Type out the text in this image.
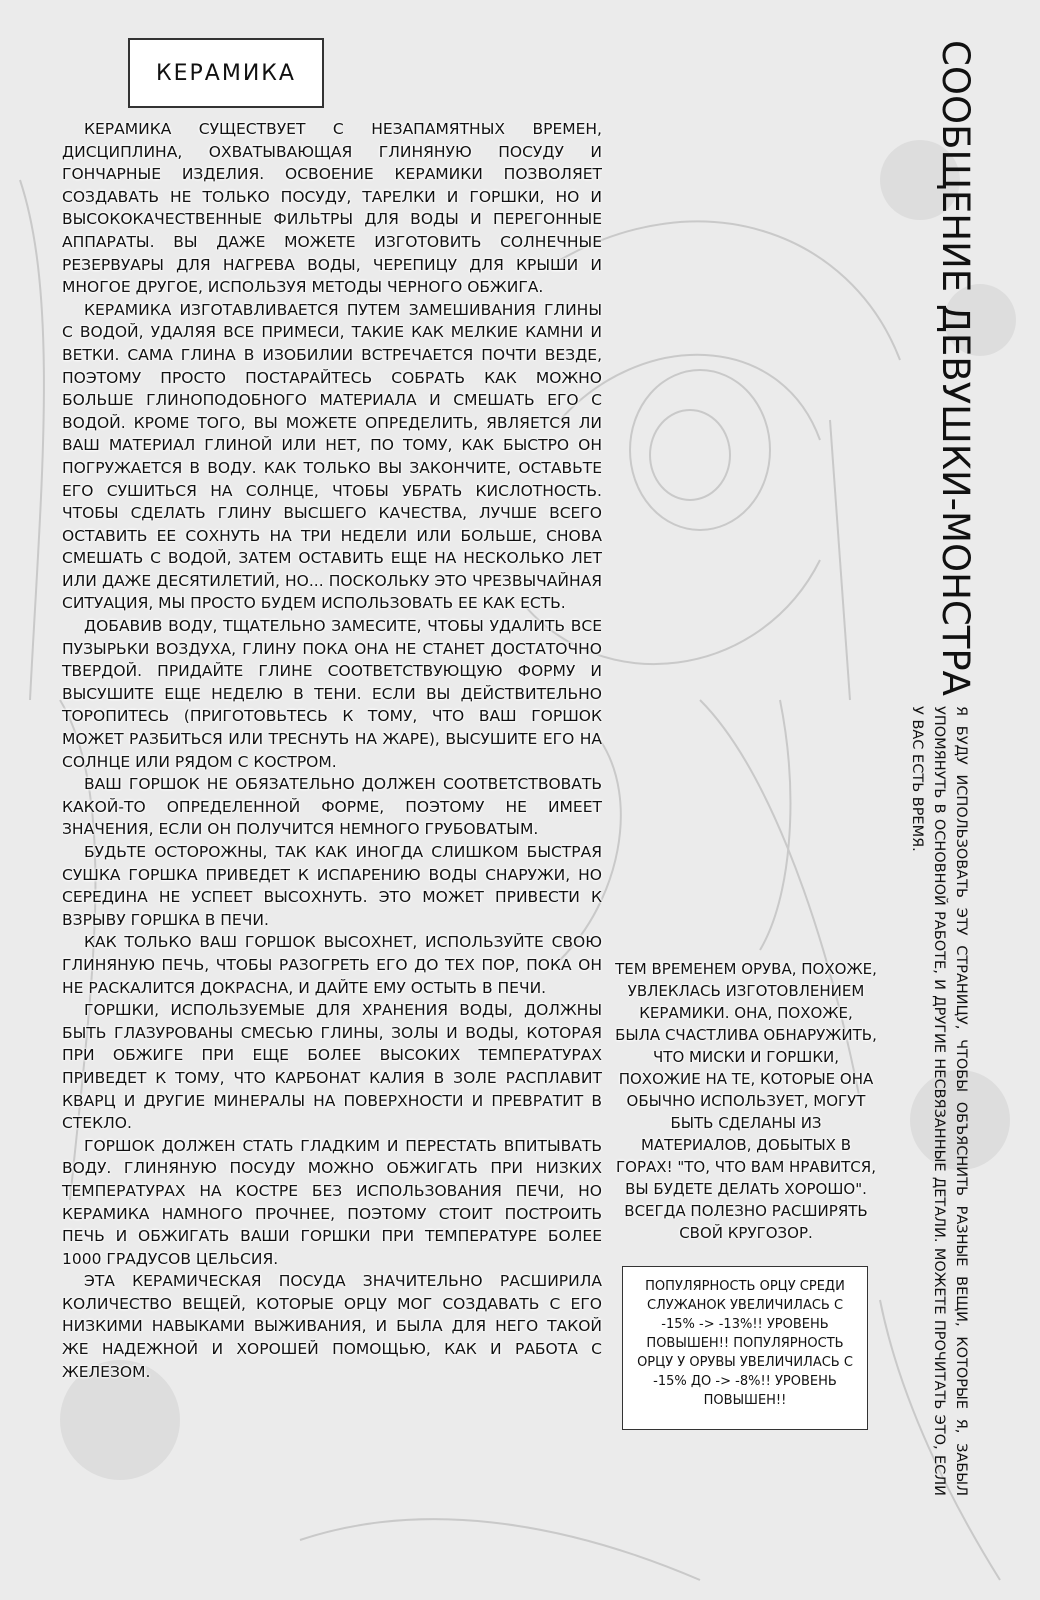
КЕРАМИКА

КЕРАМИКА СУЩЕСТВУЕТ С НЕЗАПАМЯТНЫХ ВРЕМЕН, ДИСЦИПЛИНА, ОХВАТЫВАЮЩАЯ ГЛИНЯНУЮ ПОСУДУ И ГОНЧАРНЫЕ ИЗДЕЛИЯ. ОСВОЕНИЕ КЕРАМИКИ ПОЗВОЛЯЕТ СОЗДАВАТЬ НЕ ТОЛЬКО ПОСУДУ, ТАРЕЛКИ И ГОРШКИ, НО И ВЫСОКОКАЧЕСТВЕННЫЕ ФИЛЬТРЫ ДЛЯ ВОДЫ И ПЕРЕГОННЫЕ АППАРАТЫ. ВЫ ДАЖЕ МОЖЕТЕ ИЗГОТОВИТЬ СОЛНЕЧНЫЕ РЕЗЕРВУАРЫ ДЛЯ НАГРЕВА ВОДЫ, ЧЕРЕПИЦУ ДЛЯ КРЫШИ И МНОГОЕ ДРУГОЕ, ИСПОЛЬЗУЯ МЕТОДЫ ЧЕРНОГО ОБЖИГА.

КЕРАМИКА ИЗГОТАВЛИВАЕТСЯ ПУТЕМ ЗАМЕШИВАНИЯ ГЛИНЫ С ВОДОЙ, УДАЛЯЯ ВСЕ ПРИМЕСИ, ТАКИЕ КАК МЕЛКИЕ КАМНИ И ВЕТКИ. САМА ГЛИНА В ИЗОБИЛИИ ВСТРЕЧАЕТСЯ ПОЧТИ ВЕЗДЕ, ПОЭТОМУ ПРОСТО ПОСТАРАЙТЕСЬ СОБРАТЬ КАК МОЖНО БОЛЬШЕ ГЛИНОПОДОБНОГО МАТЕРИАЛА И СМЕШАТЬ ЕГО С ВОДОЙ. КРОМЕ ТОГО, ВЫ МОЖЕТЕ ОПРЕДЕЛИТЬ, ЯВЛЯЕТСЯ ЛИ ВАШ МАТЕРИАЛ ГЛИНОЙ ИЛИ НЕТ, ПО ТОМУ, КАК БЫСТРО ОН ПОГРУЖАЕТСЯ В ВОДУ. КАК ТОЛЬКО ВЫ ЗАКОНЧИТЕ, ОСТАВЬТЕ ЕГО СУШИТЬСЯ НА СОЛНЦЕ, ЧТОБЫ УБРАТЬ КИСЛОТНОСТЬ. ЧТОБЫ СДЕЛАТЬ ГЛИНУ ВЫСШЕГО КАЧЕСТВА, ЛУЧШЕ ВСЕГО ОСТАВИТЬ ЕЕ СОХНУТЬ НА ТРИ НЕДЕЛИ ИЛИ БОЛЬШЕ, СНОВА СМЕШАТЬ С ВОДОЙ, ЗАТЕМ ОСТАВИТЬ ЕЩЕ НА НЕСКОЛЬКО ЛЕТ ИЛИ ДАЖЕ ДЕСЯТИЛЕТИЙ, НО... ПОСКОЛЬКУ ЭТО ЧРЕЗВЫЧАЙНАЯ СИТУАЦИЯ, МЫ ПРОСТО БУДЕМ ИСПОЛЬЗОВАТЬ ЕЕ КАК ЕСТЬ.

ДОБАВИВ ВОДУ, ТЩАТЕЛЬНО ЗАМЕСИТЕ, ЧТОБЫ УДАЛИТЬ ВСЕ ПУЗЫРЬКИ ВОЗДУХА, ГЛИНУ ПОКА ОНА НЕ СТАНЕТ ДОСТАТОЧНО ТВЕРДОЙ. ПРИДАЙТЕ ГЛИНЕ СООТВЕТСТВУЮЩУЮ ФОРМУ И ВЫСУШИТЕ ЕЩЕ НЕДЕЛЮ В ТЕНИ. ЕСЛИ ВЫ ДЕЙСТВИТЕЛЬНО ТОРОПИТЕСЬ (ПРИГОТОВЬТЕСЬ К ТОМУ, ЧТО ВАШ ГОРШОК МОЖЕТ РАЗБИТЬСЯ ИЛИ ТРЕСНУТЬ НА ЖАРЕ), ВЫСУШИТЕ ЕГО НА СОЛНЦЕ ИЛИ РЯДОМ С КОСТРОМ.

ВАШ ГОРШОК НЕ ОБЯЗАТЕЛЬНО ДОЛЖЕН СООТВЕТСТВОВАТЬ КАКОЙ-ТО ОПРЕДЕЛЕННОЙ ФОРМЕ, ПОЭТОМУ НЕ ИМЕЕТ ЗНАЧЕНИЯ, ЕСЛИ ОН ПОЛУЧИТСЯ НЕМНОГО ГРУБОВАТЫМ.

БУДЬТЕ ОСТОРОЖНЫ, ТАК КАК ИНОГДА СЛИШКОМ БЫСТРАЯ СУШКА ГОРШКА ПРИВЕДЕТ К ИСПАРЕНИЮ ВОДЫ СНАРУЖИ, НО СЕРЕДИНА НЕ УСПЕЕТ ВЫСОХНУТЬ. ЭТО МОЖЕТ ПРИВЕСТИ К ВЗРЫВУ ГОРШКА В ПЕЧИ.

КАК ТОЛЬКО ВАШ ГОРШОК ВЫСОХНЕТ, ИСПОЛЬЗУЙТЕ СВОЮ ГЛИНЯНУЮ ПЕЧЬ, ЧТОБЫ РАЗОГРЕТЬ ЕГО ДО ТЕХ ПОР, ПОКА ОН НЕ РАСКАЛИТСЯ ДОКРАСНА, И ДАЙТЕ ЕМУ ОСТЫТЬ В ПЕЧИ.

ГОРШКИ, ИСПОЛЬЗУЕМЫЕ ДЛЯ ХРАНЕНИЯ ВОДЫ, ДОЛЖНЫ БЫТЬ ГЛАЗУРОВАНЫ СМЕСЬЮ ГЛИНЫ, ЗОЛЫ И ВОДЫ, КОТОРАЯ ПРИ ОБЖИГЕ ПРИ ЕЩЕ БОЛЕЕ ВЫСОКИХ ТЕМПЕРАТУРАХ ПРИВЕДЕТ К ТОМУ, ЧТО КАРБОНАТ КАЛИЯ В ЗОЛЕ РАСПЛАВИТ КВАРЦ И ДРУГИЕ МИНЕРАЛЫ НА ПОВЕРХНОСТИ И ПРЕВРАТИТ В СТЕКЛО.

ГОРШОК ДОЛЖЕН СТАТЬ ГЛАДКИМ И ПЕРЕСТАТЬ ВПИТЫВАТЬ ВОДУ. ГЛИНЯНУЮ ПОСУДУ МОЖНО ОБЖИГАТЬ ПРИ НИЗКИХ ТЕМПЕРАТУРАХ НА КОСТРЕ БЕЗ ИСПОЛЬЗОВАНИЯ ПЕЧИ, НО КЕРАМИКА НАМНОГО ПРОЧНЕЕ, ПОЭТОМУ СТОИТ ПОСТРОИТЬ ПЕЧЬ И ОБЖИГАТЬ ВАШИ ГОРШКИ ПРИ ТЕМПЕРАТУРЕ БОЛЕЕ 1000 ГРАДУСОВ ЦЕЛЬСИЯ.

ЭТА КЕРАМИЧЕСКАЯ ПОСУДА ЗНАЧИТЕЛЬНО РАСШИРИЛА КОЛИЧЕСТВО ВЕЩЕЙ, КОТОРЫЕ ОРЦУ МОГ СОЗДАВАТЬ С ЕГО НИЗКИМИ НАВЫКАМИ ВЫЖИВАНИЯ, И БЫЛА ДЛЯ НЕГО ТАКОЙ ЖЕ НАДЕЖНОЙ И ХОРОШЕЙ ПОМОЩЬЮ, КАК И РАБОТА С ЖЕЛЕЗОМ.

СООБЩЕНИЕ ДЕВУШКИ-МОНСТРА
Я БУДУ ИСПОЛЬЗОВАТЬ ЭТУ СТРАНИЦУ, ЧТОБЫ ОБЪЯСНИТЬ РАЗНЫЕ ВЕЩИ, КОТОРЫЕ Я, ЗАБЫЛ УПОМЯНУТЬ В ОСНОВНОЙ РАБОТЕ, И ДРУГИЕ НЕСВЯЗАННЫЕ ДЕТАЛИ. МОЖЕТЕ ПРОЧИТАТЬ ЭТО, ЕСЛИ У ВАС ЕСТЬ ВРЕМЯ.

ТЕМ ВРЕМЕНЕМ ОРУВА, ПОХОЖЕ, УВЛЕКЛАСЬ ИЗГОТОВЛЕНИЕМ КЕРАМИКИ. ОНА, ПОХОЖЕ, БЫЛА СЧАСТЛИВА ОБНАРУЖИТЬ, ЧТО МИСКИ И ГОРШКИ, ПОХОЖИЕ НА ТЕ, КОТОРЫЕ ОНА ОБЫЧНО ИСПОЛЬЗУЕТ, МОГУТ БЫТЬ СДЕЛАНЫ ИЗ МАТЕРИАЛОВ, ДОБЫТЫХ В ГОРАХ! "ТО, ЧТО ВАМ НРАВИТСЯ, ВЫ БУДЕТЕ ДЕЛАТЬ ХОРОШО". ВСЕГДА ПОЛЕЗНО РАСШИРЯТЬ СВОЙ КРУГОЗОР.

ПОПУЛЯРНОСТЬ ОРЦУ СРЕДИ СЛУЖАНОК УВЕЛИЧИЛАСЬ С -15% -> -13%!! УРОВЕНЬ ПОВЫШЕН!! ПОПУЛЯРНОСТЬ ОРЦУ У ОРУВЫ УВЕЛИЧИЛАСЬ С -15% ДО -> -8%!! УРОВЕНЬ ПОВЫШЕН!!
